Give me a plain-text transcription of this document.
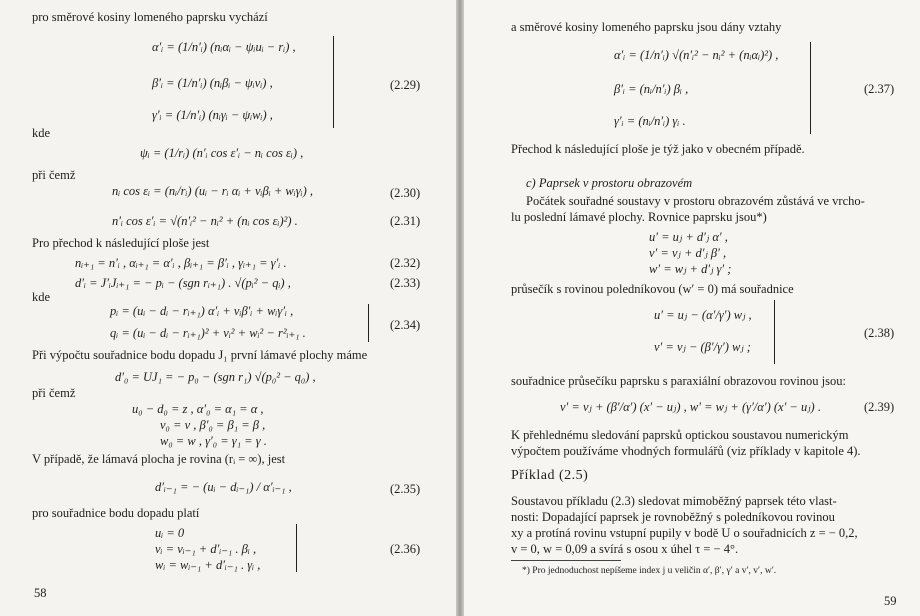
pro směrové kosiny lomeného paprsku vychází
α′ᵢ = (1/n′ᵢ) (nᵢαᵢ − ψᵢuᵢ − rᵢ) ,
β′ᵢ = (1/n′ᵢ) (nᵢβᵢ − ψᵢvᵢ) ,
γ′ᵢ = (1/n′ᵢ) (nᵢγᵢ − ψᵢwᵢ) ,
(2.29)
kde
ψᵢ = (1/rᵢ) (n′ᵢ cos ε′ᵢ − nᵢ cos εᵢ) ,
při čemž
nᵢ cos εᵢ = (nᵢ/rᵢ) (uᵢ − rᵢ αᵢ + vᵢβᵢ + wᵢγᵢ) ,	(2.30)
n′ᵢ cos ε′ᵢ = √(n′ᵢ² − nᵢ² + (nᵢ cos εᵢ)²) .	(2.31)
Pro přechod k následující ploše jest
nᵢ₊₁ = n′ᵢ , αᵢ₊₁ = α′ᵢ , βᵢ₊₁ = β′ᵢ , γᵢ₊₁ = γ′ᵢ .	(2.32)
d′ᵢ = J′ᵢJᵢ₊₁ = − pᵢ − (sgn rᵢ₊₁) . √(pᵢ² − qᵢ) ,	(2.33)
kde
pᵢ = (uᵢ − dᵢ − rᵢ₊₁) α′ᵢ + vᵢβ′ᵢ + wᵢγ′ᵢ ,
qᵢ = (uᵢ − dᵢ − rᵢ₊₁)² + vᵢ² + wᵢ² − r²ᵢ₊₁ .
(2.34)
Při výpočtu souřadnice bodu dopadu J₁ první lámavé plochy máme
d′₀ = UJ₁ = − p₀ − (sgn r₁) √(p₀² − q₀) ,
při čemž
u₀ − d₀ = z , α′₀ = α₁ = α ,
v₀ = v , β′₀ = β₁ = β ,
w₀ = w , γ′₀ = γ₁ = γ .
V případě, že lámavá plocha je rovina (rᵢ = ∞), jest
d′ᵢ₋₁ = − (uᵢ − dᵢ₋₁) / α′ᵢ₋₁ ,	(2.35)
pro souřadnice bodu dopadu platí
uᵢ = 0
vᵢ = vᵢ₋₁ + d′ᵢ₋₁ . βᵢ ,
wᵢ = wᵢ₋₁ + d′ᵢ₋₁ . γᵢ ,
(2.36)
58
a směrové kosiny lomeného paprsku jsou dány vztahy
α′ᵢ = (1/n′ᵢ) √(n′ᵢ² − nᵢ² + (nᵢαᵢ)²) ,
β′ᵢ = (nᵢ/n′ᵢ) βᵢ ,
γ′ᵢ = (nᵢ/n′ᵢ) γᵢ .
(2.37)
Přechod k následující ploše je týž jako v obecném případě.
c) Paprsek v prostoru obrazovém
Počátek souřadné soustavy v prostoru obrazovém zůstává ve vrcho-
lu poslední lámavé plochy. Rovnice paprsku jsou*)
u′ = uⱼ + d′ⱼ α′ ,
v′ = vⱼ + d′ⱼ β′ ,
w′ = wⱼ + d′ⱼ γ′ ;
průsečík s rovinou poledníkovou (w′ = 0) má souřadnice
u′ = uⱼ − (α′/γ′) wⱼ ,
v′ = vⱼ − (β′/γ′) wⱼ ;
(2.38)
souřadnice průsečíku paprsku s paraxiální obrazovou rovinou jsou:
v′ = vⱼ + (β′/α′) (x′ − uⱼ) , w′ = wⱼ + (γ′/α′) (x′ − uⱼ) .	(2.39)
K přehlednému sledování paprsků optickou soustavou numerickým
výpočtem používáme vhodných formulářů (viz příklady v kapitole 4).
Příklad (2.5)
Soustavou příkladu (2.3) sledovat mimoběžný paprsek této vlast-
nosti: Dopadající paprsek je rovnoběžný s poledníkovou rovinou
xy a protíná rovinu vstupní pupily v bodě U o souřadnicích z = − 0,2,
v = 0, w = 0,09 a svírá s osou x úhel τ = − 4°.
*) Pro jednoduchost nepíšeme index j u veličin α′, β′, γ′ a v′, v′, w′.
59
